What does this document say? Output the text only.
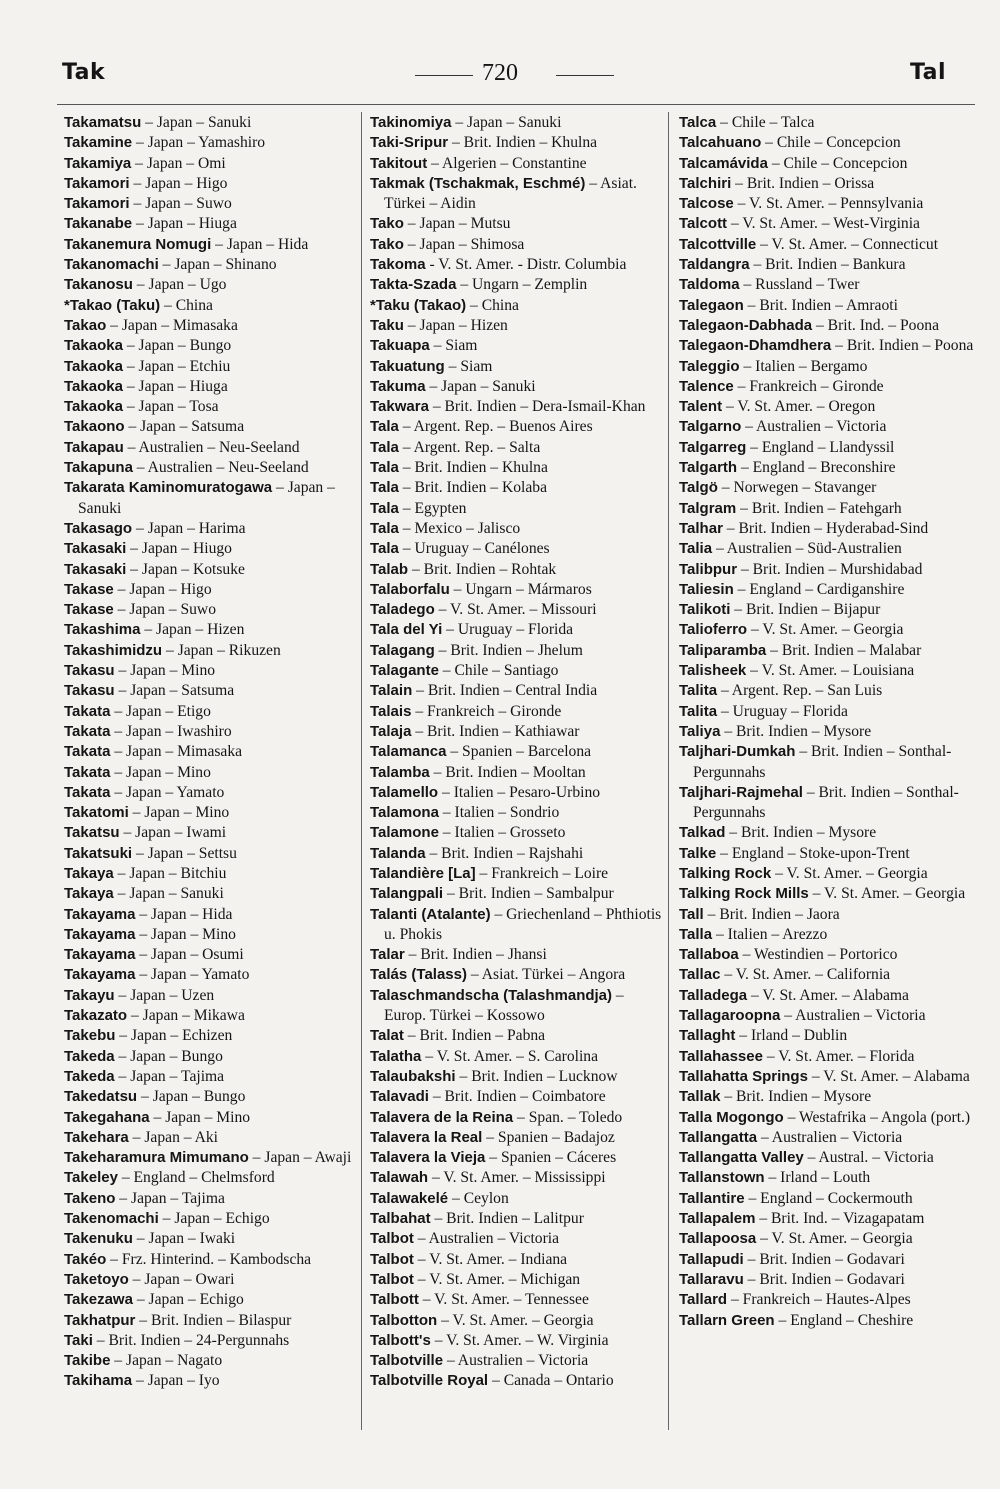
Tak	720	Tal
Takamatsu – Japan – Sanuki
Takamine – Japan – Yamashiro
Takamiya – Japan – Omi
Takamori – Japan – Higo
Takamori – Japan – Suwo
Takanabe – Japan – Hiuga
Takanemura Nomugi – Japan – Hida
Takanomachi – Japan – Shinano
Takanosu – Japan – Ugo
*Takao (Taku) – China
Takao – Japan – Mimasaka
Takaoka – Japan – Bungo
Takaoka – Japan – Etchiu
Takaoka – Japan – Hiuga
Takaoka – Japan – Tosa
Takaono – Japan – Satsuma
Takapau – Australien – Neu-Seeland
Takapuna – Australien – Neu-Seeland
Takarata Kaminomuratogawa – Japan – Sanuki
Takasago – Japan – Harima
Takasaki – Japan – Hiugo
Takasaki – Japan – Kotsuke
Takase – Japan – Higo
Takase – Japan – Suwo
Takashima – Japan – Hizen
Takashimidzu – Japan – Rikuzen
Takasu – Japan – Mino
Takasu – Japan – Satsuma
Takata – Japan – Etigo
Takata – Japan – Iwashiro
Takata – Japan – Mimasaka
Takata – Japan – Mino
Takata – Japan – Yamato
Takatomi – Japan – Mino
Takatsu – Japan – Iwami
Takatsuki – Japan – Settsu
Takaya – Japan – Bitchiu
Takaya – Japan – Sanuki
Takayama – Japan – Hida
Takayama – Japan – Mino
Takayama – Japan – Osumi
Takayama – Japan – Yamato
Takayu – Japan – Uzen
Takazato – Japan – Mikawa
Takebu – Japan – Echizen
Takeda – Japan – Bungo
Takeda – Japan – Tajima
Takedatsu – Japan – Bungo
Takegahana – Japan – Mino
Takehara – Japan – Aki
Takeharamura Mimumano – Japan – Awaji
Takeley – England – Chelmsford
Takeno – Japan – Tajima
Takenomachi – Japan – Echigo
Takenuku – Japan – Iwaki
Takéo – Frz. Hinterind. – Kambodscha
Taketoyo – Japan – Owari
Takezawa – Japan – Echigo
Takhatpur – Brit. Indien – Bilaspur
Taki – Brit. Indien – 24-Pergunnahs
Takibe – Japan – Nagato
Takihama – Japan – Iyo
Takinomiya – Japan – Sanuki
Taki-Sripur – Brit. Indien – Khulna
Takitout – Algerien – Constantine
Takmak (Tschakmak, Eschmé) – Asiat. Türkei – Aidin
Tako – Japan – Mutsu
Tako – Japan – Shimosa
Takoma - V. St. Amer. - Distr. Columbia
Takta-Szada – Ungarn – Zemplin
*Taku (Takao) – China
Taku – Japan – Hizen
Takuapa – Siam
Takuatung – Siam
Takuma – Japan – Sanuki
Takwara – Brit. Indien – Dera-Ismail-Khan
Tala – Argent. Rep. – Buenos Aires
Tala – Argent. Rep. – Salta
Tala – Brit. Indien – Khulna
Tala – Brit. Indien – Kolaba
Tala – Egypten
Tala – Mexico – Jalisco
Tala – Uruguay – Canélones
Talab – Brit. Indien – Rohtak
Talaborfalu – Ungarn – Mármaros
Taladego – V. St. Amer. – Missouri
Tala del Yi – Uruguay – Florida
Talagang – Brit. Indien – Jhelum
Talagante – Chile – Santiago
Talain – Brit. Indien – Central India
Talais – Frankreich – Gironde
Talaja – Brit. Indien – Kathiawar
Talamanca – Spanien – Barcelona
Talamba – Brit. Indien – Mooltan
Talamello – Italien – Pesaro-Urbino
Talamona – Italien – Sondrio
Talamone – Italien – Grosseto
Talanda – Brit. Indien – Rajshahi
Talandière [La] – Frankreich – Loire
Talangpali – Brit. Indien – Sambalpur
Talanti (Atalante) – Griechenland – Phthiotis u. Phokis
Talar – Brit. Indien – Jhansi
Talás (Talass) – Asiat. Türkei – Angora
Talaschmandscha (Talashmandja) – Europ. Türkei – Kossowo
Talat – Brit. Indien – Pabna
Talatha – V. St. Amer. – S. Carolina
Talaubakshi – Brit. Indien – Lucknow
Talavadi – Brit. Indien – Coimbatore
Talavera de la Reina – Span. – Toledo
Talavera la Real – Spanien – Badajoz
Talavera la Vieja – Spanien – Cáceres
Talawah – V. St. Amer. – Mississippi
Talawakelé – Ceylon
Talbahat – Brit. Indien – Lalitpur
Talbot – Australien – Victoria
Talbot – V. St. Amer. – Indiana
Talbot – V. St. Amer. – Michigan
Talbott – V. St. Amer. – Tennessee
Talbotton – V. St. Amer. – Georgia
Talbott's – V. St. Amer. – W. Virginia
Talbotville – Australien – Victoria
Talbotville Royal – Canada – Ontario
Talca – Chile – Talca
Talcahuano – Chile – Concepcion
Talcamávida – Chile – Concepcion
Talchiri – Brit. Indien – Orissa
Talcose – V. St. Amer. – Pennsylvania
Talcott – V. St. Amer. – West-Virginia
Talcottville – V. St. Amer. – Connecticut
Taldangra – Brit. Indien – Bankura
Taldoma – Russland – Twer
Talegaon – Brit. Indien – Amraoti
Talegaon-Dabhada – Brit. Ind. – Poona
Talegaon-Dhamdhera – Brit. Indien – Poona
Taleggio – Italien – Bergamo
Talence – Frankreich – Gironde
Talent – V. St. Amer. – Oregon
Talgarno – Australien – Victoria
Talgarreg – England – Llandyssil
Talgarth – England – Breconshire
Talgö – Norwegen – Stavanger
Talgram – Brit. Indien – Fatehgarh
Talhar – Brit. Indien – Hyderabad-Sind
Talia – Australien – Süd-Australien
Talibpur – Brit. Indien – Murshidabad
Taliesin – England – Cardiganshire
Talikoti – Brit. Indien – Bijapur
Talioferro – V. St. Amer. – Georgia
Taliparamba – Brit. Indien – Malabar
Talisheek – V. St. Amer. – Louisiana
Talita – Argent. Rep. – San Luis
Talita – Uruguay – Florida
Taliya – Brit. Indien – Mysore
Taljhari-Dumkah – Brit. Indien – Sonthal-Pergunnahs
Taljhari-Rajmehal – Brit. Indien – Sonthal-Pergunnahs
Talkad – Brit. Indien – Mysore
Talke – England – Stoke-upon-Trent
Talking Rock – V. St. Amer. – Georgia
Talking Rock Mills – V. St. Amer. – Georgia
Tall – Brit. Indien – Jaora
Talla – Italien – Arezzo
Tallaboa – Westindien – Portorico
Tallac – V. St. Amer. – California
Talladega – V. St. Amer. – Alabama
Tallagaroopna – Australien – Victoria
Tallaght – Irland – Dublin
Tallahassee – V. St. Amer. – Florida
Tallahatta Springs – V. St. Amer. – Alabama
Tallak – Brit. Indien – Mysore
Talla Mogongo – Westafrika – Angola (port.)
Tallangatta – Australien – Victoria
Tallangatta Valley – Austral. – Victoria
Tallanstown – Irland – Louth
Tallantire – England – Cockermouth
Tallapalem – Brit. Ind. – Vizagapatam
Tallapoosa – V. St. Amer. – Georgia
Tallapudi – Brit. Indien – Godavari
Tallaravu – Brit. Indien – Godavari
Tallard – Frankreich – Hautes-Alpes
Tallarn Green – England – Cheshire
